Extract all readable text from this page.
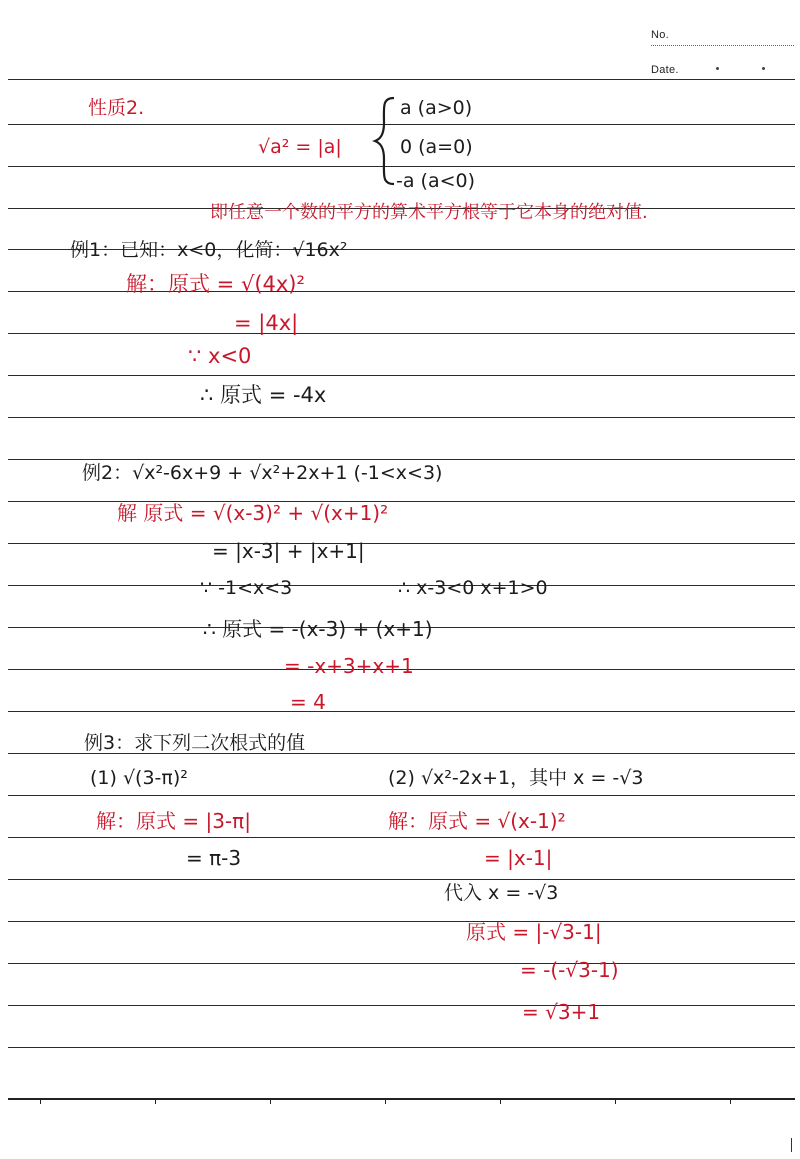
No.
Date.
性质2.
√a² = |a|
a (a>0)
0 (a=0)
-a (a<0)
即任意一个数的平方的算术平方根等于它本身的绝对值.
例1：已知：x<0，化简：√16x²
解：原式 = √(4x)²
= |4x|
∵ x<0
∴ 原式 = -4x
例2：√x²-6x+9 + √x²+2x+1 (-1<x<3)
解 原式 = √(x-3)² + √(x+1)²
= |x-3| + |x+1|
∵ -1<x<3	∴ x-3<0 x+1>0
∴ 原式 = -(x-3) + (x+1)
= -x+3+x+1
= 4
例3：求下列二次根式的值
(1) √(3-π)²
解：原式 = |3-π|
= π-3
(2) √x²-2x+1，其中 x = -√3
解：原式 = √(x-1)²
= |x-1|
代入 x = -√3
原式 = |-√3-1|
= -(-√3-1)
= √3+1
